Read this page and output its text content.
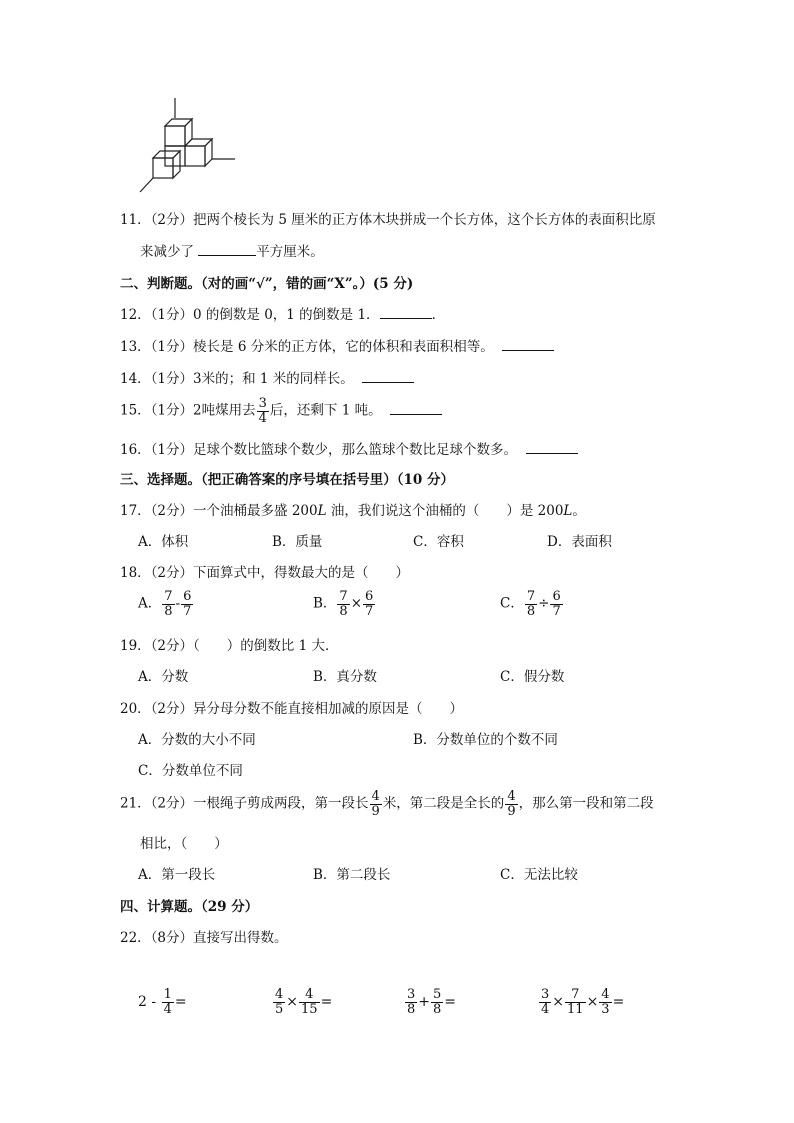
11．（2分）把两个棱长为 5 厘米的正方体木块拼成一个长方体，这个长方体的表面积比原
来减少了	平方厘米。
二、判断题。（对的画“√”，错的画“X”。）(5 分)
12．（1分）0 的倒数是 0，1 的倒数是 1．	．
13．（1分）棱长是 6 分米的正方体，它的体积和表面积相等。
14．（1分）3米的；和 1 米的同样长。
15．（1分）2吨煤用去 $\frac{3}{4}$ 后，还剩下 1 吨。
16．（1分）足球个数比篮球个数少，那么篮球个数比足球个数多。
三、选择题。（把正确答案的序号填在括号里）（10 分）
17．（2分）一个油桶最多盛 200L 油，我们说这个油桶的（　　）是 200L。
A．体积	B．质量	C．容积	D．表面积
18．（2分）下面算式中，得数最大的是（　　）
A． $\frac{7}{8} - \frac{6}{7}$	B． $\frac{7}{8} \times \frac{6}{7}$	C． $\frac{7}{8} \div \frac{6}{7}$
19．（2分）（　　）的倒数比 1 大．
A．分数	B．真分数	C．假分数
20．（2分）异分母分数不能直接相加减的原因是（　　）
A．分数的大小不同	B．分数单位的个数不同
C．分数单位不同
21．（2分）一根绳子剪成两段，第一段长 $\frac{4}{9}$ 米，第二段是全长的 $\frac{4}{9}$ ，那么第一段和第二段
相比，（　　）
A．第一段长	B．第二段长	C．无法比较
四、计算题。（29 分）
22．（8分）直接写出得数。
$2 - \frac{1}{4}$ =	$\frac{4}{5} \times \frac{4}{15}$ =	$\frac{3}{8} + \frac{5}{8}$ =	$\frac{3}{4} \times \frac{7}{11} \times \frac{4}{3}$ =
